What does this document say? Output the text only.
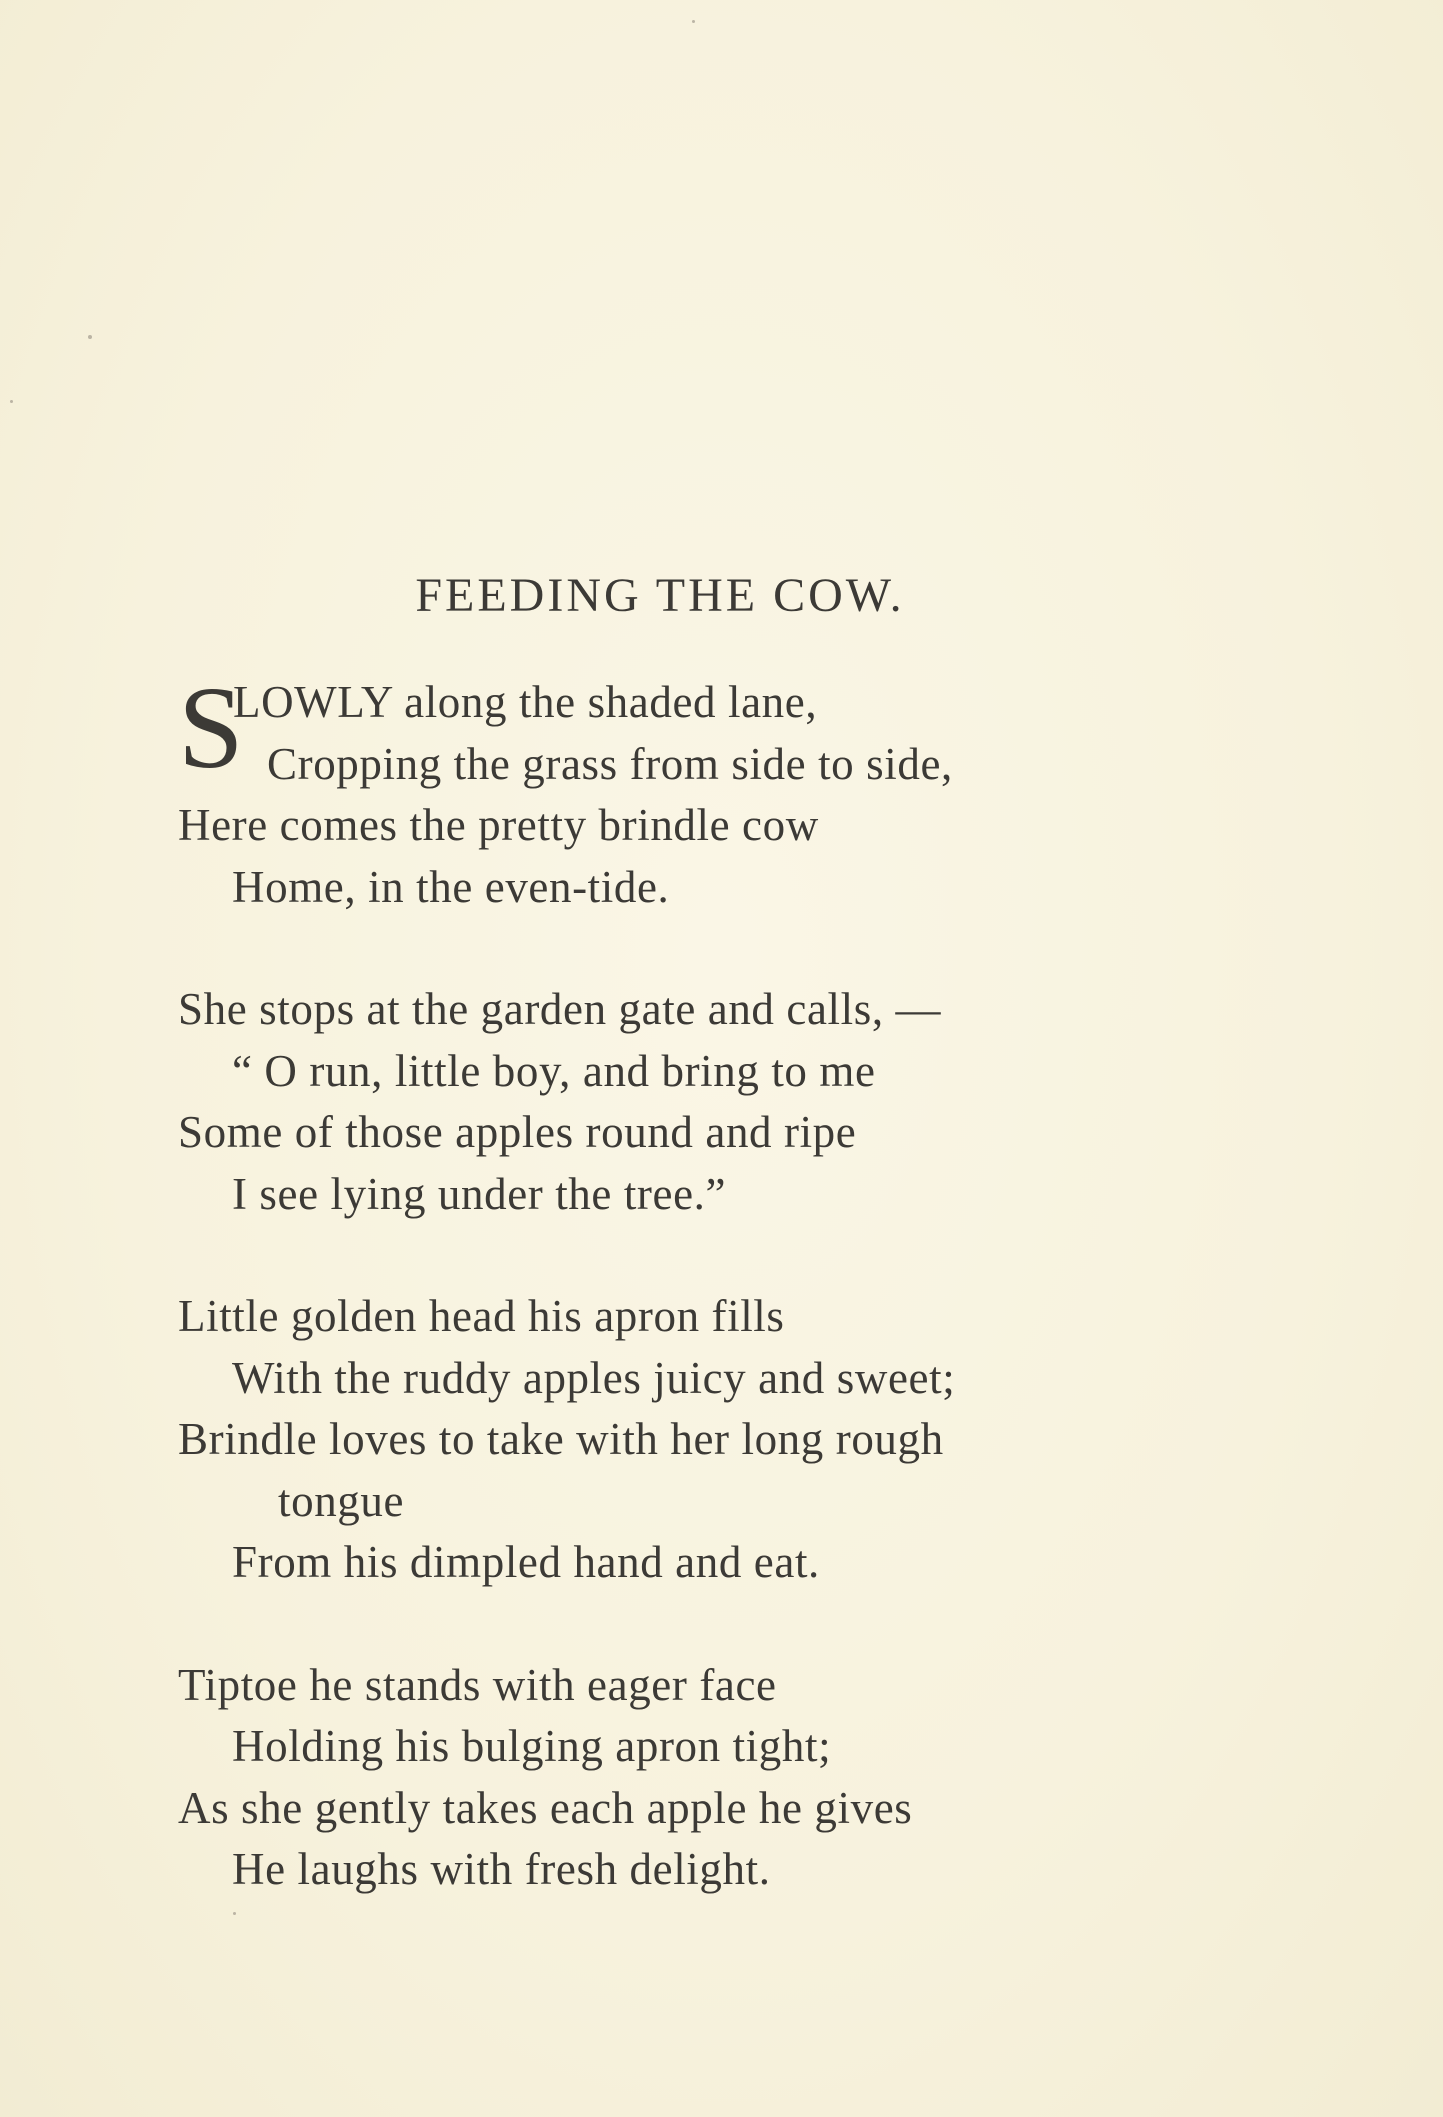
FEEDING THE COW.
S
LOWLY along the shaded lane,
Cropping the grass from side to side,
Here comes the pretty brindle cow
Home, in the even-tide.
She stops at the garden gate and calls, —
“ O run, little boy, and bring to me
Some of those apples round and ripe
I see lying under the tree.”
Little golden head his apron fills
With the ruddy apples juicy and sweet;
Brindle loves to take with her long rough
tongue
From his dimpled hand and eat.
Tiptoe he stands with eager face
Holding his bulging apron tight;
As she gently takes each apple he gives
He laughs with fresh delight.
